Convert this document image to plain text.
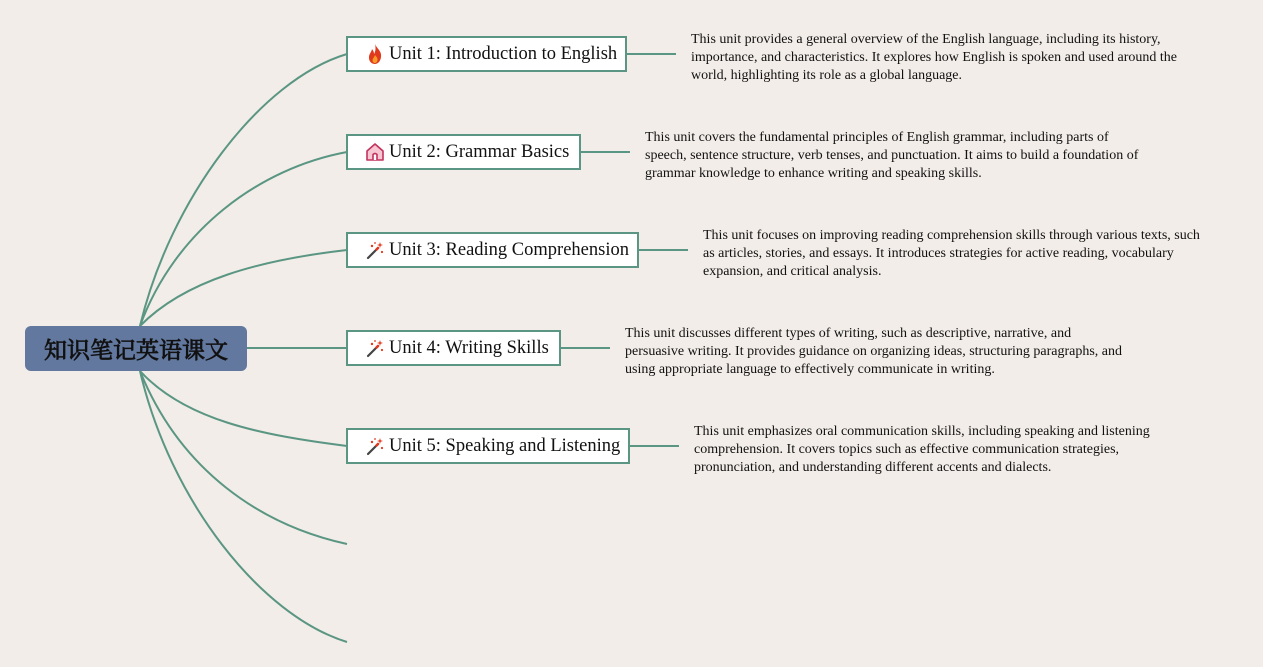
知识笔记英语课文
Unit 1: Introduction to English
This unit provides a general overview of the English language, including its history, importance, and characteristics. It explores how English is spoken and used around the world, highlighting its role as a global language.
Unit 2: Grammar Basics
This unit covers the fundamental principles of English grammar, including parts of speech, sentence structure, verb tenses, and punctuation. It aims to build a foundation of grammar knowledge to enhance writing and speaking skills.
Unit 3: Reading Comprehension
This unit focuses on improving reading comprehension skills through various texts, such as articles, stories, and essays. It introduces strategies for active reading, vocabulary expansion, and critical analysis.
Unit 4: Writing Skills
This unit discusses different types of writing, such as descriptive, narrative, and persuasive writing. It provides guidance on organizing ideas, structuring paragraphs, and using appropriate language to effectively communicate in writing.
Unit 5: Speaking and Listening
This unit emphasizes oral communication skills, including speaking and listening comprehension. It covers topics such as effective communication strategies, pronunciation, and understanding different accents and dialects.
